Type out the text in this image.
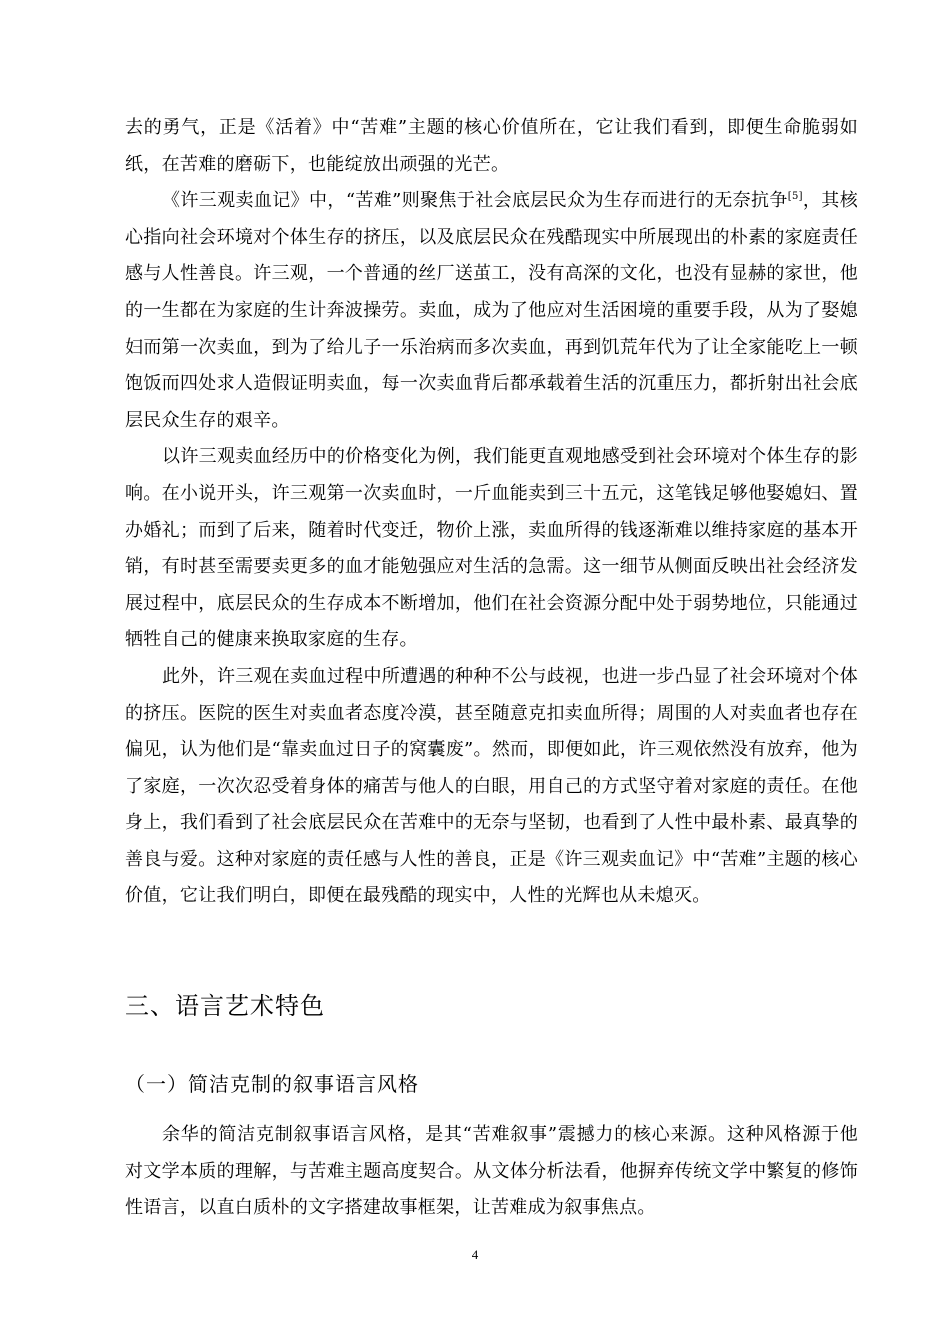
去的勇气，正是《活着》中“苦难”主题的核心价值所在，它让我们看到，即便生命脆弱如纸，在苦难的磨砺下，也能绽放出顽强的光芒。

《许三观卖血记》中，“苦难”则聚焦于社会底层民众为生存而进行的无奈抗争[5]，其核心指向社会环境对个体生存的挤压，以及底层民众在残酷现实中所展现出的朴素的家庭责任感与人性善良。许三观，一个普通的丝厂送茧工，没有高深的文化，也没有显赫的家世，他的一生都在为家庭的生计奔波操劳。卖血，成为了他应对生活困境的重要手段，从为了娶媳妇而第一次卖血，到为了给儿子一乐治病而多次卖血，再到饥荒年代为了让全家能吃上一顿饱饭而四处求人造假证明卖血，每一次卖血背后都承载着生活的沉重压力，都折射出社会底层民众生存的艰辛。

以许三观卖血经历中的价格变化为例，我们能更直观地感受到社会环境对个体生存的影响。在小说开头，许三观第一次卖血时，一斤血能卖到三十五元，这笔钱足够他娶媳妇、置办婚礼；而到了后来，随着时代变迁，物价上涨，卖血所得的钱逐渐难以维持家庭的基本开销，有时甚至需要卖更多的血才能勉强应对生活的急需。这一细节从侧面反映出社会经济发展过程中，底层民众的生存成本不断增加，他们在社会资源分配中处于弱势地位，只能通过牺牲自己的健康来换取家庭的生存。

此外，许三观在卖血过程中所遭遇的种种不公与歧视，也进一步凸显了社会环境对个体的挤压。医院的医生对卖血者态度冷漠，甚至随意克扣卖血所得；周围的人对卖血者也存在偏见，认为他们是“靠卖血过日子的窝囊废”。然而，即便如此，许三观依然没有放弃，他为了家庭，一次次忍受着身体的痛苦与他人的白眼，用自己的方式坚守着对家庭的责任。在他身上，我们看到了社会底层民众在苦难中的无奈与坚韧，也看到了人性中最朴素、最真挚的善良与爱。这种对家庭的责任感与人性的善良，正是《许三观卖血记》中“苦难”主题的核心价值，它让我们明白，即便在最残酷的现实中，人性的光辉也从未熄灭。

三、语言艺术特色
（一）简洁克制的叙事语言风格

余华的简洁克制叙事语言风格，是其“苦难叙事”震撼力的核心来源。这种风格源于他对文学本质的理解，与苦难主题高度契合。从文体分析法看，他摒弃传统文学中繁复的修饰性语言，以直白质朴的文字搭建故事框架，让苦难成为叙事焦点。

4
